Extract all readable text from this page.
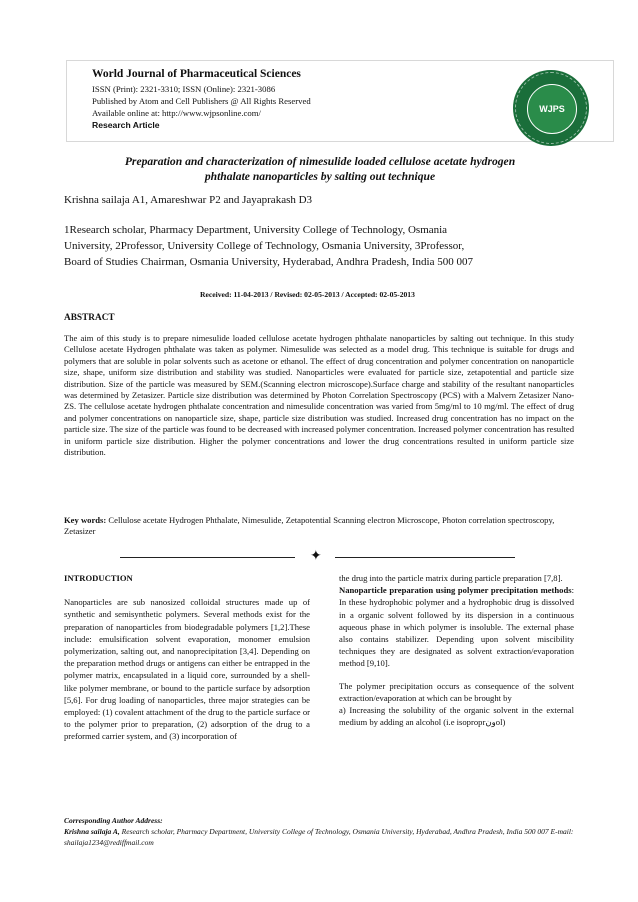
World Journal of Pharmaceutical Sciences
ISSN (Print): 2321-3310; ISSN (Online): 2321-3086
Published by Atom and Cell Publishers @ All Rights Reserved
Available online at: http://www.wjpsonline.com/
Research Article
WJPS
Preparation and characterization of nimesulide loaded cellulose acetate hydrogen
phthalate nanoparticles by salting out technique
Krishna sailaja A1, Amareshwar P2 and Jayaprakash D3
1Research scholar, Pharmacy Department, University College of Technology, Osmania
University, 2Professor, University College of Technology, Osmania University, 3Professor,
Board of Studies Chairman, Osmania University, Hyderabad, Andhra Pradesh, India 500 007
Received: 11-04-2013 / Revised: 02-05-2013 / Accepted: 02-05-2013
ABSTRACT
The aim of this study is to prepare nimesulide loaded cellulose acetate hydrogen phthalate nanoparticles by salting out technique. In this study Cellulose acetate Hydrogen phthalate was taken as polymer. Nimesulide was selected as a model drug. This technique is suitable for drugs and polymers that are soluble in polar solvents such as acetone or ethanol. The effect of drug concentration and polymer concentration on nanoparticle size, shape, uniform size distribution and stability was studied. Nanoparticles were evaluated for particle size, zetapotential and particle size distribution. Size of the particle was measured by SEM.(Scanning electron microscope).Surface charge and stability of the resultant nanoparticles was determined by Zetasizer. Particle size distribution was determined by Photon Correlation Spectroscopy (PCS) with a Malvern Zetasizer Nano-ZS. The cellulose acetate hydrogen phthalate concentration and nimesulide concentration was varied from 5mg/ml to 10 mg/ml. The effect of drug and polymer concentrations on nanoparticle size, shape, particle size distribution was studied. Increased drug concentration has no impact on the particle size. The size of the particle was found to be decreased with increased polymer concentration. Increased polymer concentration has resulted in uniform particle size distribution. Higher the polymer concentrations and lower the drug concentrations resulted in uniform particle size distribution.
Key words: Cellulose acetate Hydrogen Phthalate, Nimesulide, Zetapotential Scanning electron Microscope, Photon correlation spectroscopy, Zetasizer
✦
INTRODUCTION

Nanoparticles are sub nanosized colloidal structures made up of synthetic and semisynthetic polymers. Several methods exist for the preparation of nanoparticles from biodegradable polymers [1,2].These include: emulsification solvent evaporation, monomer emulsion polymerization, salting out, and nanoprecipitation [3,4]. Depending on the preparation method drugs or antigens can either be entrapped in the polymer matrix, encapsulated in a liquid core, surrounded by a shell-like polymer membrane, or bound to the particle surface by adsorption [5,6]. For drug loading of nanoparticles, three major strategies can be employed: (1) covalent attachment of the drug to the particle surface or to the polymer prior to preparation, (2) adsorption of the drug to a preformed carrier system, and (3) incorporation of

the drug into the particle matrix during particle preparation [7,8].

Nanoparticle preparation using polymer precipitation methods: In these hydrophobic polymer and a hydrophobic drug is dissolved in a organic solvent followed by its dispersion in a continuous aqueous phase in which polymer is insoluble. The external phase also contains stabilizer. Depending upon solvent miscibility techniques they are designated as solvent extraction/evaporation method [9,10].

The polymer precipitation occurs as consequence of the solvent extraction/evaporation at which can be brought by

a) Increasing the solubility of the organic solvent in the external medium by adding an alcohol (i.e isoproprونol)

Corresponding Author Address:
Krishna sailaja A, Research scholar, Pharmacy Department, University College of Technology, Osmania University, Hyderabad, Andhra Pradesh, India 500 007 E-mail: shailaja1234@rediffmail.com
